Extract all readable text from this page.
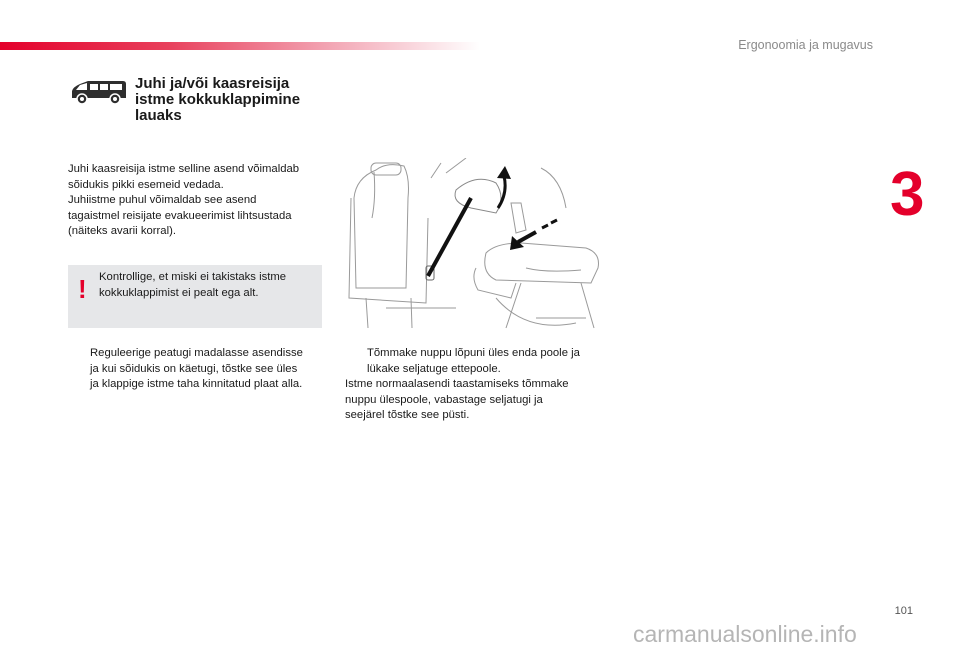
Ergonoomia ja mugavus
3
Juhi ja/või kaasreisija istme kokkuklappimine lauaks
Juhi kaasreisija istme selline asend võimaldab
sõidukis pikki esemeid vedada.
Juhiistme puhul võimaldab see asend
tagaistmel reisijate evakueerimist lihtsustada
(näiteks avarii korral).
! Kontrollige, et miski ei takistaks istme
kokkuklappimist ei pealt ega alt.
Reguleerige peatugi madalasse asendisse
ja kui sõidukis on käetugi, tõstke see üles
ja klappige istme taha kinnitatud plaat alla.
Tõmmake nuppu lõpuni üles enda poole ja
lükake seljatuge ettepoole.
Istme normaalasendi taastamiseks tõmmake
nuppu ülespoole, vabastage seljatugi ja
seejärel tõstke see püsti.
101
carmanualsonline.info
